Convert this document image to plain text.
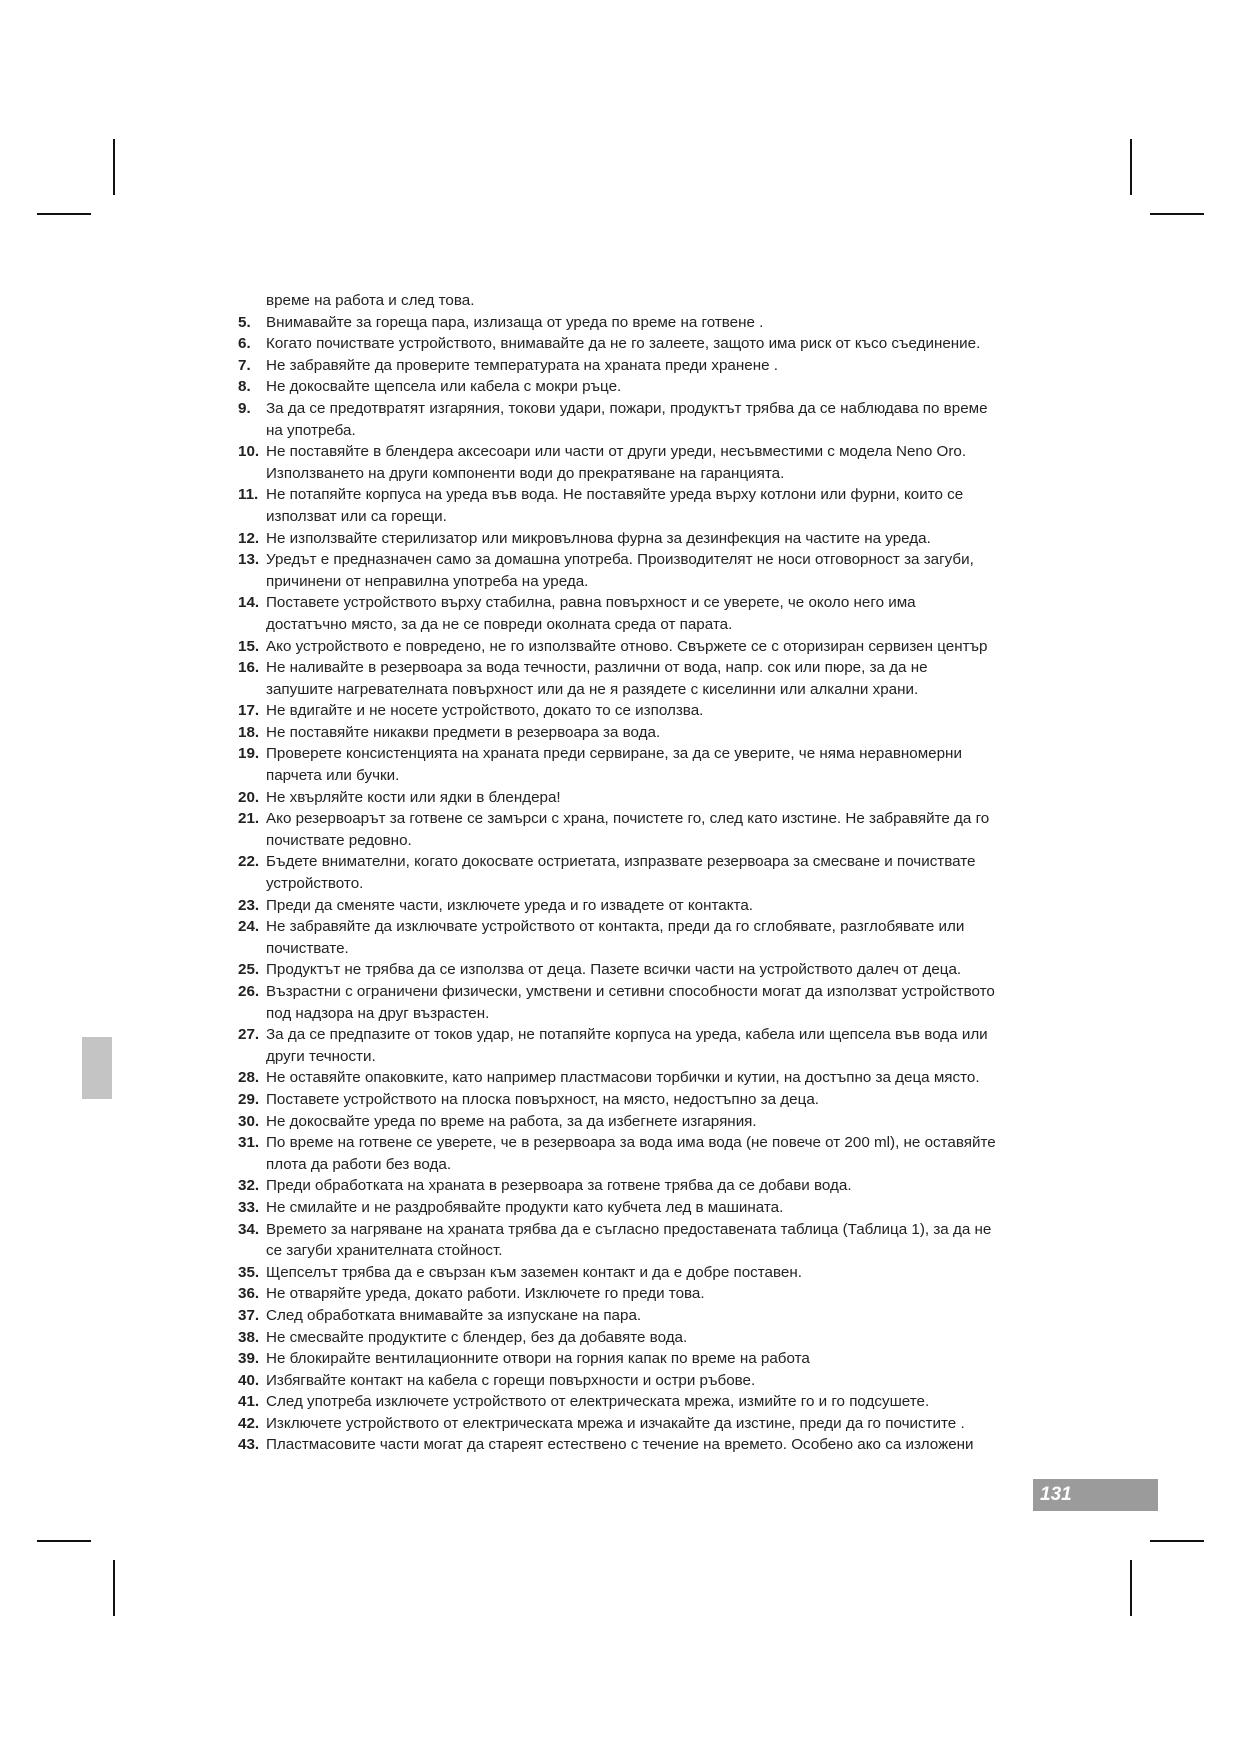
време на работа и след това.
5. Внимавайте за гореща пара, излизаща от уреда по време на готвене .
6. Когато почиствате устройството, внимавайте да не го залеете, защото има риск от късо съединение.
7. Не забравяйте да проверите температурата на храната преди хранене .
8. Не докосвайте щепсела или кабела с мокри ръце.
9. За да се предотвратят изгаряния, токови удари, пожари, продуктът трябва да се наблюдава по време
на употреба.
10. Не поставяйте в блендера аксесоари или части от други уреди, несъвместими с модела Neno Oro.
Използването на други компоненти води до прекратяване на гаранцията.
11. Не потапяйте корпуса на уреда във вода. Не поставяйте уреда върху котлони или фурни, които се
използват или са горещи.
12. Не използвайте стерилизатор или микровълнова фурна за дезинфекция на частите на уреда.
13. Уредът е предназначен само за домашна употреба. Производителят не носи отговорност за загуби,
причинени от неправилна употреба на уреда.
14. Поставете устройството върху стабилна, равна повърхност и се уверете, че около него има
достатъчно място, за да не се повреди околната среда от парата.
15. Ако устройството е повредено, не го използвайте отново. Свържете се с оторизиран сервизен център
16. Не наливайте в резервоара за вода течности, различни от вода, напр. сок или пюре, за да не
запушите нагревателната повърхност или да не я разядете с киселинни или алкални храни.
17. Не вдигайте и не носете устройството, докато то се използва.
18. Не поставяйте никакви предмети в резервоара за вода.
19. Проверете консистенцията на храната преди сервиране, за да се уверите, че няма неравномерни
парчета или бучки.
20. Не хвърляйте кости или ядки в блендера!
21. Ако резервоарът за готвене се замърси с храна, почистете го, след като изстине. Не забравяйте да го
почиствате редовно.
22. Бъдете внимателни, когато докосвате остриетата, изпразвате резервоара за смесване и почиствате
устройството.
23. Преди да сменяте части, изключете уреда и го извадете от контакта.
24. Не забравяйте да изключвате устройството от контакта, преди да го сглобявате, разглобявате или
почиствате.
25. Продуктът не трябва да се използва от деца. Пазете всички части на устройството далеч от деца.
26. Възрастни с ограничени физически, умствени и сетивни способности могат да използват устройството
под надзора на друг възрастен.
27. За да се предпазите от токов удар, не потапяйте корпуса на уреда, кабела или щепсела във вода или
други течности.
28. Не оставяйте опаковките, като например пластмасови торбички и кутии, на достъпно за деца място.
29. Поставете устройството на плоска повърхност, на място, недостъпно за деца.
30. Не докосвайте уреда по време на работа, за да избегнете изгаряния.
31. По време на готвене се уверете, че в резервоара за вода има вода (не повече от 200 ml), не оставяйте
плота да работи без вода.
32. Преди обработката на храната в резервоара за готвене трябва да се добави вода.
33. Не смилайте и не раздробявайте продукти като кубчета лед в машината.
34. Времето за нагряване на храната трябва да е съгласно предоставената таблица (Таблица 1), за да не
се загуби хранителната стойност.
35. Щепселът трябва да е свързан към заземен контакт и да е добре поставен.
36. Не отваряйте уреда, докато работи. Изключете го преди това.
37. След обработката внимавайте за изпускане на пара.
38. Не смесвайте продуктите с блендер, без да добавяте вода.
39. Не блокирайте вентилационните отвори на горния капак по време на работа
40. Избягвайте контакт на кабела с горещи повърхности и остри ръбове.
41. След употреба изключете устройството от електрическата мрежа, измийте го и го подсушете.
42. Изключете устройството от електрическата мрежа и изчакайте да изстине, преди да го почистите .
43. Пластмасовите части могат да стареят естествено с течение на времето. Особено ако са изложени
131
